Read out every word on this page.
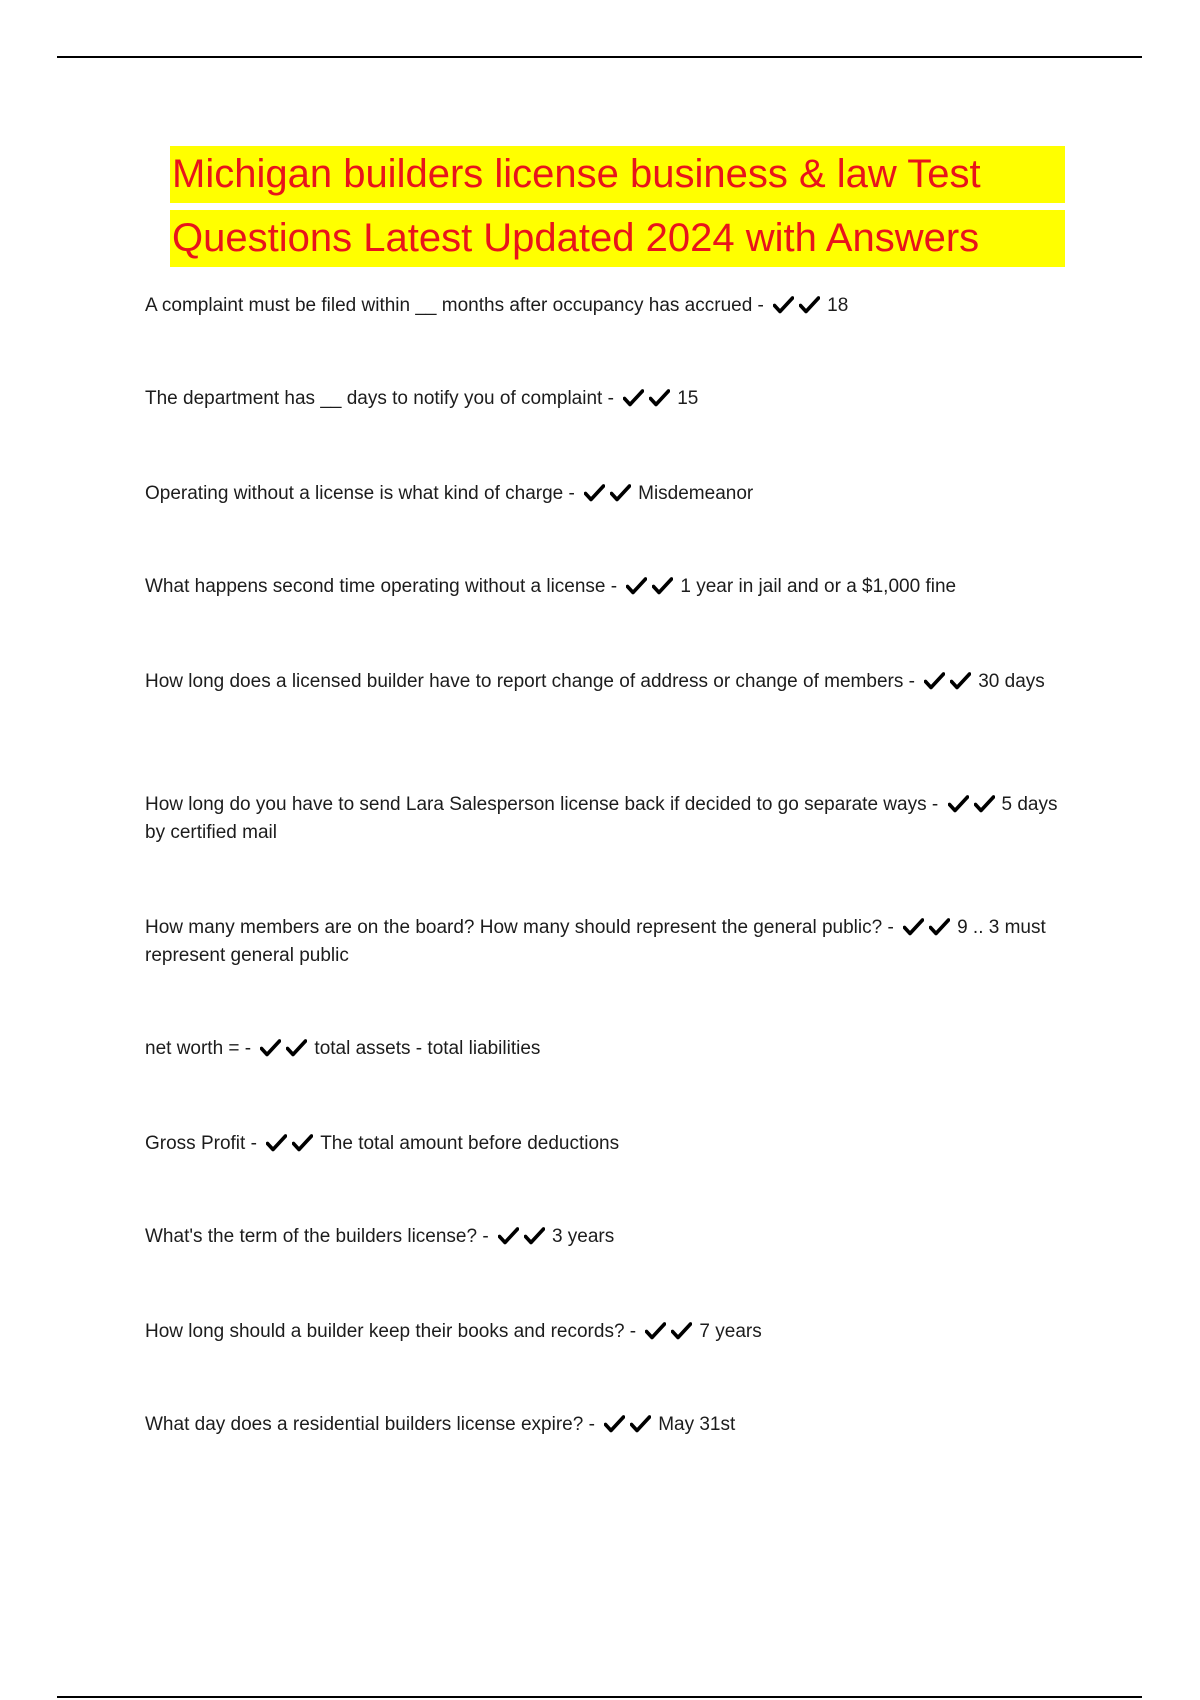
Michigan builders license business & law Test
Questions Latest Updated 2024 with Answers
A complaint must be filed within __ months after occupancy has accrued -	18
The department has __ days to notify you of complaint -	15
Operating without a license is what kind of charge -	Misdemeanor
What happens second time operating without a license -	1 year in jail and or a $1,000 fine
How long does a licensed builder have to report change of address or change of members -	30 days
How long do you have to send Lara Salesperson license back if decided to go separate ways -	5 days by certified mail
How many members are on the board? How many should represent the general public? -	9 .. 3 must represent general public
net worth = -	total assets - total liabilities
Gross Profit -	The total amount before deductions
What's the term of the builders license? -	3 years
How long should a builder keep their books and records? -	7 years
What day does a residential builders license expire? -	May 31st
